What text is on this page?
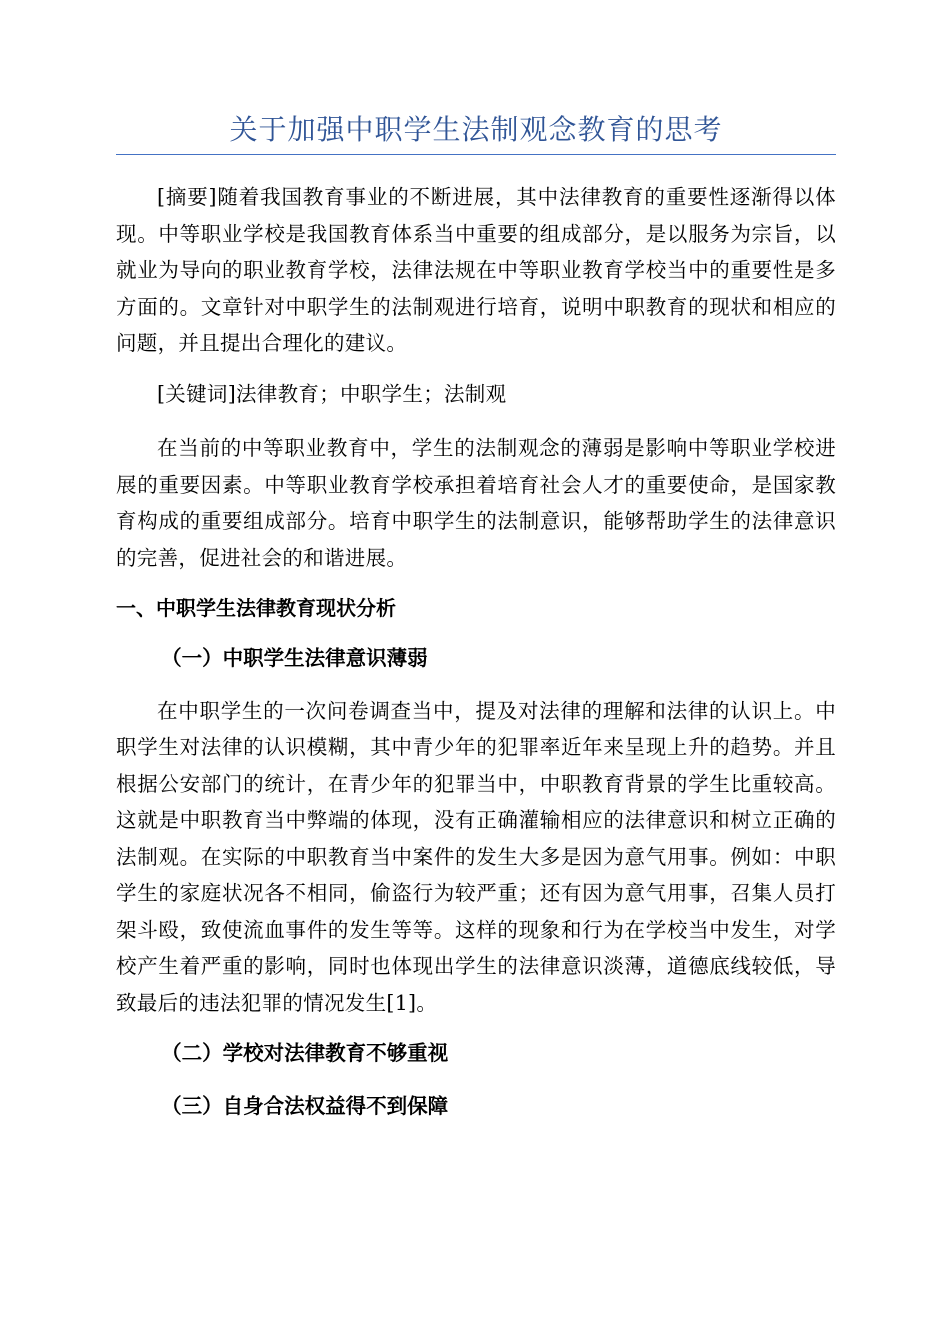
关于加强中职学生法制观念教育的思考

[摘要]随着我国教育事业的不断进展，其中法律教育的重要性逐渐得以体现。中等职业学校是我国教育体系当中重要的组成部分，是以服务为宗旨，以就业为导向的职业教育学校，法律法规在中等职业教育学校当中的重要性是多方面的。文章针对中职学生的法制观进行培育，说明中职教育的现状和相应的问题，并且提出合理化的建议。

[关键词]法律教育；中职学生；法制观

在当前的中等职业教育中，学生的法制观念的薄弱是影响中等职业学校进展的重要因素。中等职业教育学校承担着培育社会人才的重要使命，是国家教育构成的重要组成部分。培育中职学生的法制意识，能够帮助学生的法律意识的完善，促进社会的和谐进展。

一、中职学生法律教育现状分析
（一）中职学生法律意识薄弱

在中职学生的一次问卷调查当中，提及对法律的理解和法律的认识上。中职学生对法律的认识模糊，其中青少年的犯罪率近年来呈现上升的趋势。并且根据公安部门的统计，在青少年的犯罪当中，中职教育背景的学生比重较高。这就是中职教育当中弊端的体现，没有正确灌输相应的法律意识和树立正确的法制观。在实际的中职教育当中案件的发生大多是因为意气用事。例如：中职学生的家庭状况各不相同，偷盗行为较严重；还有因为意气用事，召集人员打架斗殴，致使流血事件的发生等等。这样的现象和行为在学校当中发生，对学校产生着严重的影响，同时也体现出学生的法律意识淡薄，道德底线较低，导致最后的违法犯罪的情况发生[1]。

（二）学校对法律教育不够重视
（三）自身合法权益得不到保障
